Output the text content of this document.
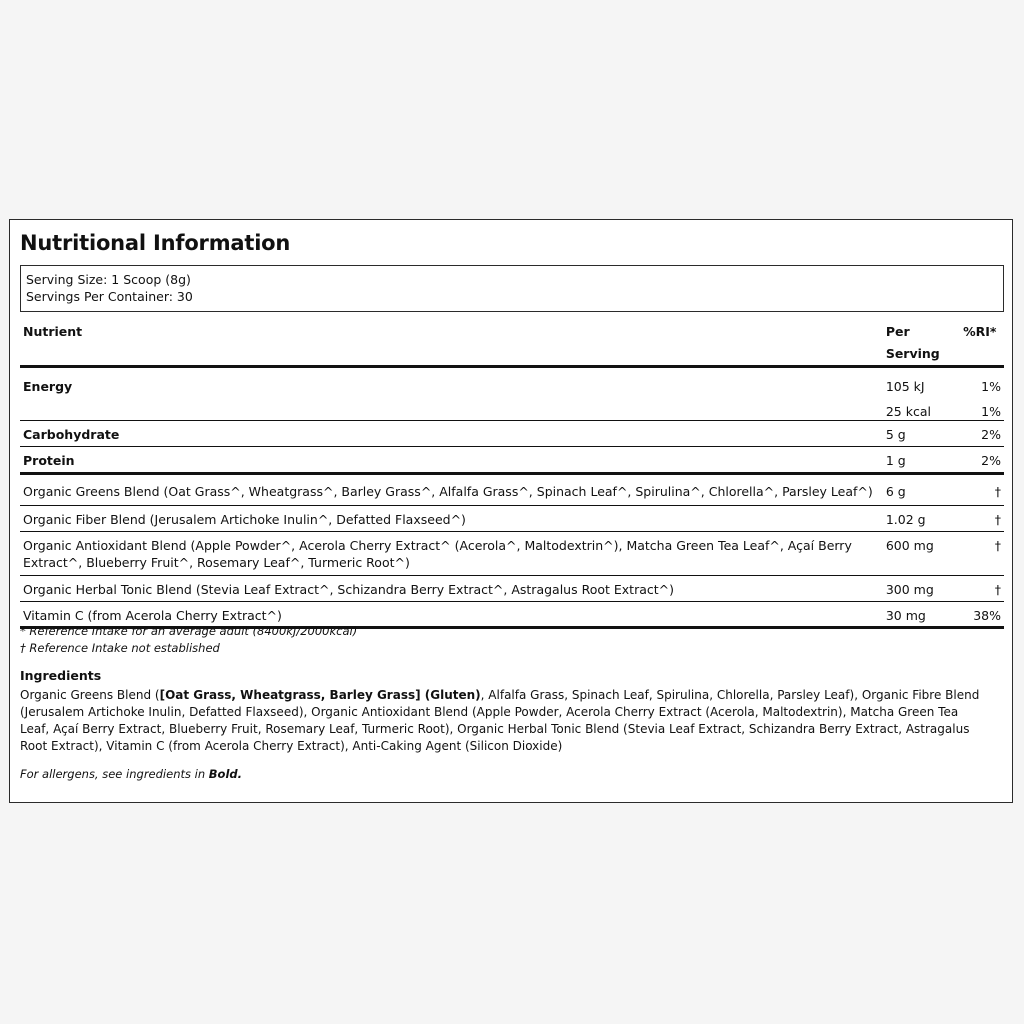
Nutritional Information
Serving Size: 1 Scoop (8g)
Servings Per Container: 30
Nutrient	Per Serving	%RI*
Energy	105 kJ	1%
	25 kcal	1%
Carbohydrate	5 g	2%
Protein	1 g	2%
Organic Greens Blend (Oat Grass^, Wheatgrass^, Barley Grass^, Alfalfa Grass^, Spinach Leaf^, Spirulina^, Chlorella^, Parsley Leaf^)	6 g	†
Organic Fiber Blend (Jerusalem Artichoke Inulin^, Defatted Flaxseed^)	1.02 g	†
Organic Antioxidant Blend (Apple Powder^, Acerola Cherry Extract^ (Acerola^, Maltodextrin^), Matcha Green Tea Leaf^, Açaí Berry Extract^, Blueberry Fruit^, Rosemary Leaf^, Turmeric Root^)	600 mg	†
Organic Herbal Tonic Blend (Stevia Leaf Extract^, Schizandra Berry Extract^, Astragalus Root Extract^)	300 mg	†
Vitamin C (from Acerola Cherry Extract^)	30 mg	38%
* Reference Intake for an average adult (8400kJ/2000kcal)
† Reference Intake not established
Ingredients
Organic Greens Blend ([Oat Grass, Wheatgrass, Barley Grass] (Gluten), Alfalfa Grass, Spinach Leaf, Spirulina, Chlorella, Parsley Leaf), Organic Fibre Blend (Jerusalem Artichoke Inulin, Defatted Flaxseed), Organic Antioxidant Blend (Apple Powder, Acerola Cherry Extract (Acerola, Maltodextrin), Matcha Green Tea Leaf, Açaí Berry Extract, Blueberry Fruit, Rosemary Leaf, Turmeric Root), Organic Herbal Tonic Blend (Stevia Leaf Extract, Schizandra Berry Extract, Astragalus Root Extract), Vitamin C (from Acerola Cherry Extract), Anti-Caking Agent (Silicon Dioxide)
For allergens, see ingredients in Bold.
